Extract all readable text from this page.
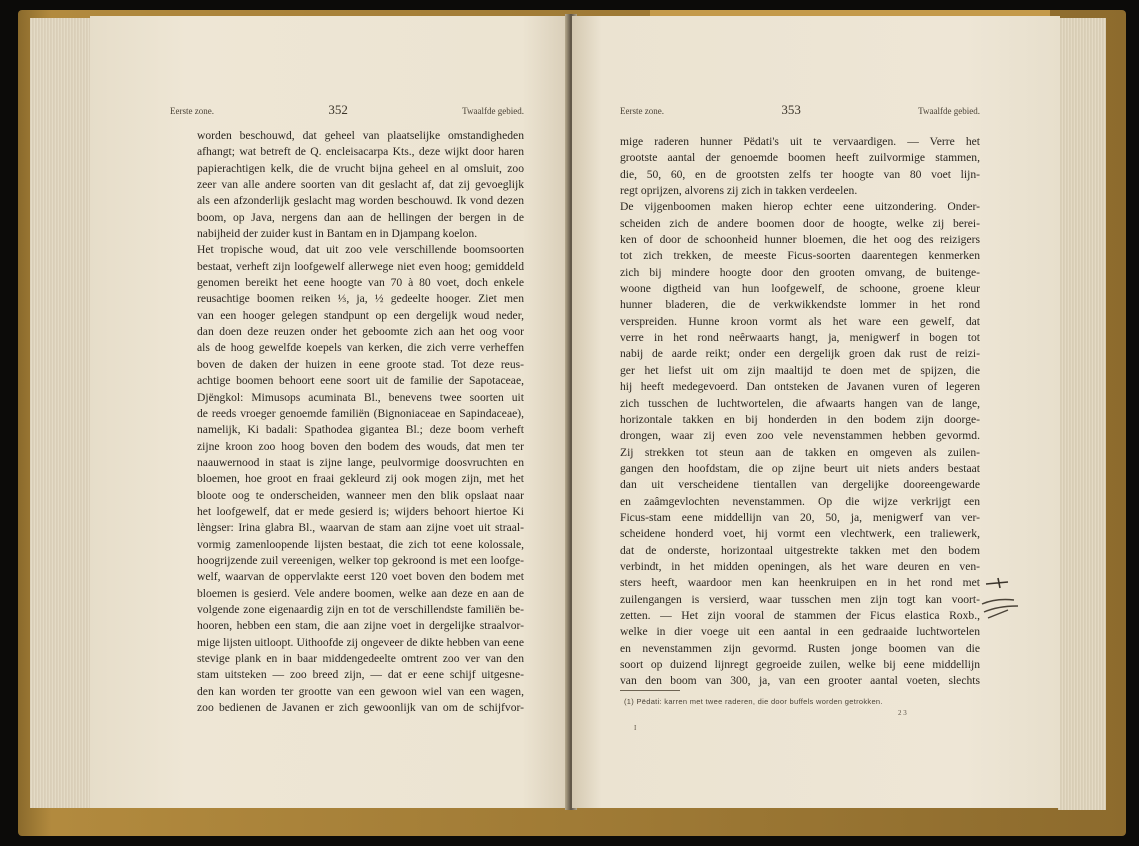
Eerste zone.	352	Twaalfde gebied.
worden beschouwd, dat geheel van plaatselijke omstandigheden
afhangt; wat betreft de Q. encleisacarpa Kts., deze wijkt door haren
papierachtigen kelk, die de vrucht bijna geheel en al omsluit, zoo
zeer van alle andere soorten van dit geslacht af, dat zij gevoeglijk
als een afzonderlijk geslacht mag worden beschouwd. Ik vond dezen
boom, op Java, nergens dan aan de hellingen der bergen in de
nabijheid der zuider kust in Bantam en in Djampang koelon.
Het tropische woud, dat uit zoo vele verschillende boomsoorten
bestaat, verheft zijn loofgewelf allerwege niet even hoog; gemiddeld
genomen bereikt het eene hoogte van 70 à 80 voet, doch enkele
reusachtige boomen reiken ⅓, ja, ½ gedeelte hooger. Ziet men
van een hooger gelegen standpunt op een dergelijk woud neder,
dan doen deze reuzen onder het geboomte zich aan het oog voor
als de hoog gewelfde koepels van kerken, die zich verre verheffen
boven de daken der huizen in eene groote stad. Tot deze reus-
achtige boomen behoort eene soort uit de familie der Sapotaceae,
Djëngkol: Mimusops acuminata Bl., benevens twee soorten uit
de reeds vroeger genoemde familiën (Bignoniaceae en Sapindaceae),
namelijk, Ki badali: Spathodea gigantea Bl.; deze boom verheft
zijne kroon zoo hoog boven den bodem des wouds, dat men ter
naauwernood in staat is zijne lange, peulvormige doosvruchten en
bloemen, hoe groot en fraai gekleurd zij ook mogen zijn, met het
bloote oog te onderscheiden, wanneer men den blik opslaat naar
het loofgewelf, dat er mede gesierd is; wijders behoort hiertoe Ki
lèngser: Irina glabra Bl., waarvan de stam aan zijne voet uit straal-
vormig zamenloopende lijsten bestaat, die zich tot eene kolossale,
hoogrijzende zuil vereenigen, welker top gekroond is met een loofge-
welf, waarvan de oppervlakte eerst 120 voet boven den bodem met
bloemen is gesierd. Vele andere boomen, welke aan deze en aan de
volgende zone eigenaardig zijn en tot de verschillendste familiën be-
hooren, hebben een stam, die aan zijne voet in dergelijke straalvor-
mige lijsten uitloopt. Uithoofde zij ongeveer de dikte hebben van eene
stevige plank en in baar middengedeelte omtrent zoo ver van den
stam uitsteken — zoo breed zijn, — dat er eene schijf uitgesne-
den kan worden ter grootte van een gewoon wiel van een wagen,
zoo bedienen de Javanen er zich gewoonlijk van om de schijfvor-
Eerste zone.	353	Twaalfde gebied.
mige raderen hunner Pëdati's uit te vervaardigen. — Verre het
grootste aantal der genoemde boomen heeft zuilvormige stammen,
die, 50, 60, en de grootsten zelfs ter hoogte van 80 voet lijn-
regt oprijzen, alvorens zij zich in takken verdeelen.
De vijgenboomen maken hierop echter eene uitzondering. Onder-
scheiden zich de andere boomen door de hoogte, welke zij berei-
ken of door de schoonheid hunner bloemen, die het oog des reizigers
tot zich trekken, de meeste Ficus-soorten daarentegen kenmerken
zich bij mindere hoogte door den grooten omvang, de buitenge-
woone digtheid van hun loofgewelf, de schoone, groene kleur
hunner bladeren, die de verkwikkendste lommer in het rond
verspreiden. Hunne kroon vormt als het ware een gewelf, dat
verre in het rond neêrwaarts hangt, ja, menigwerf in bogen tot
nabij de aarde reikt; onder een dergelijk groen dak rust de reizi-
ger het liefst uit om zijn maaltijd te doen met de spijzen, die
hij heeft medegevoerd. Dan ontsteken de Javanen vuren of legeren
zich tusschen de luchtwortelen, die afwaarts hangen van de lange,
horizontale takken en bij honderden in den bodem zijn doorge-
drongen, waar zij even zoo vele nevenstammen hebben gevormd.
Zij strekken tot steun aan de takken en omgeven als zuilen-
gangen den hoofdstam, die op zijne beurt uit niets anders bestaat
dan uit verscheidene tientallen van dergelijke dooreengewarde
en zaâmgevlochten nevenstammen. Op die wijze verkrijgt een
Ficus-stam eene middellijn van 20, 50, ja, menigwerf van ver-
scheidene honderd voet, hij vormt een vlechtwerk, een traliewerk,
dat de onderste, horizontaal uitgestrekte takken met den bodem
verbindt, in het midden openingen, als het ware deuren en ven-
sters heeft, waardoor men kan heenkruipen en in het rond met
zuilengangen is versierd, waar tusschen men zijn togt kan voort-
zetten. — Het zijn vooral de stammen der Ficus elastica Roxb.,
welke in dier voege uit een aantal in een gedraaide luchtwortelen
en nevenstammen zijn gevormd. Rusten jonge boomen van die
soort op duizend lijnregt gegroeide zuilen, welke bij eene middellijn
van den boom van 300, ja, van een grooter aantal voeten, slechts
(1) Pëdati: karren met twee raderen, die door buffels worden getrokken.
2 3
I
